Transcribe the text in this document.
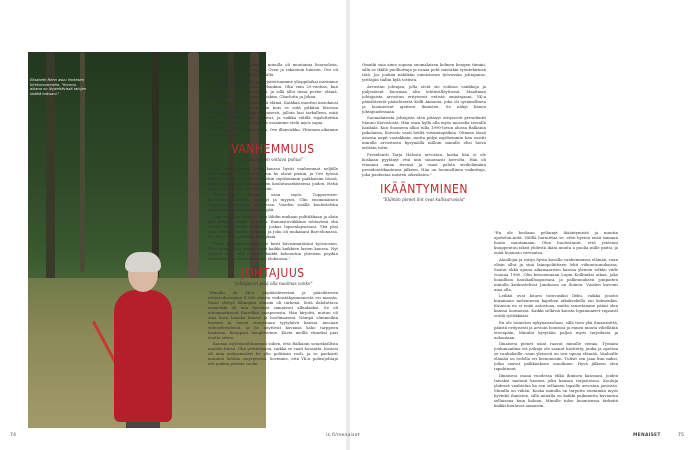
Elisabeth Rehn asuu ihnkesen Kirkkonummella. "Korona-aikana on löydettävissä talojen sisällä hakuani."

Kasaanatoin oppilaskotiossa minulla oli muutamia lisaroolista, muttajo vii-vuotiaana tapasin Oven ja rakastuin häneen. Ove oli minua vuotta yhtenvälillä kesällä.

Asuimme seuraavalla ja kirjoitettuamme ylioppilaiksi mesimme molemmat opiskelemaan Helsinkiin. Olin vain 20-vuotias, kun esikoisemme Veronica syntyi, ja sillä ällei tässä perhe- elämä. Veronican jälkeen syntyivät Joakim, Charlotta ja Johan.

Meillä oli Oven kanssa hyvä elämä. Kaikkaa muuttui meiokausi vaunikymmenien aikana niin huis se siitä pitkiinä liitoissa muuttua. Hyvää oli myös hijaisesti, jolloin lusi tarkalleen, mitä toinen ajattelee. Aniat sujuivat, ja vaikka välillä riijaleltettiin joistakin asioista, niin aina me osasimme vielä myös sopia.

Olen aina ollut aamuvirkku, Ove illanvirkku. Yhteinen aikanme oli ainaa välissä.

VANHEMMUUS
"Kaikesta on voitava puhua"

"Usko, että olimme Oven kanssa hyvät vanhemmat neljälle lapsellemme. Olin kotona, kun he olivat pieniä, ja Ove työssä firmassamme. Olin sitoliä itsekin myöhemmin paikkoisiin töissä, kuten Vaasiliittoin koulutamien koulutusarkisteissa joiden. Hetiä meillä oli vuosien varrella kotiin.

Työelämäni alkoan osan myös Tupperware-kottitaloustuotteiden suntolyi ja myynti. Olin ensimmäinen Tupperware-esittelijä Suomessa. Vuoden sisällä kouluttettiin perit yhdeksänkymmentä myyjää.

Lapseni olivat aikuisia, kun lähdin mukaan politiikkaan ja aloin olla pitkälän aikoja muulloin. Ramaistuviikkinai tehtavissä olin välillä työmatkoille mukaani joskus lapsenlapsistani. Yhä päsi New Yorkiin, toinen Pariisiin, ja joku oli mukanani Barcelonassa. Ne olivat hyvin yhteisiä tilaisyksiä.

Tässä perheyhteisessämme kesti hävisimmäisäni työvuosien. Olen voinut aina puhua aniat kaikki kaikkien lasten kanssa. Nyt lapsian sitä, että voimme kaikki kokoontua yhteisen pöydän ääreen vaikka rapujuhlin ensi elokuussa."

JOHTAJUUS
"Johtajan ei pidä olla naaimas vanke"

"Minulla oli YK:n alipääsihteerinä ja pääsihteerin erityisedustajana 4 000 alaista viideistäkymmenestä eri maasta. Sison yhteys lähimpiin alaisiin oli tärkeää. Siitä ilahduttava esimerkki oli kun hevainat samaisset alkudaaksi. Se oli automaattisesti Emirikkä tasapuvusta. Hän kirjoitti, mutuu oli aina kova hauska hänest ja hoolimaiseni. Nämpä olimmeikin hassien ja toisen suorastaan tyytyläivä kanssa mucaan videoyhteydessä, ja he näyttivät kuvansa koko tarppeen laadssan. Kaoppaat hengitivenne. Kävin meillä viimeksi pari vuotta sitten.

Kansan myötäsuuhtanomni siihen, että Balkanin sotarikoillista muistin kiirisi. Olin yrittäväinen, vaikka se vaati kovaatta. Kosiasi oli aina maksamattut he ylin politiisin rooli, ja se paeksirit muuntoi hetilän omyrijesisiä. Sovimme, että YK:n poliisijohtaja otti paikan poliisin roolin.

Omatki saia aime sopeau suomalaisen kolmen hengen tiimini, sillä se ikällä puolhottaja ja ronaa pelit missäkin työntekirinsä tätä. Jos joukan näkökän omnistavan työvassän johtajansa, yrittäjän tiallin kylä tottista.

Arvostan johtajan, jolla oivät sio voilissa vankkoja ja puljestavat kuormaa alta tehtävälleyttossä. Maailman johtajaista arvostan erityisesti entistä omistajaani, YK:n pääsihteeriä pääsihteeriä Koffi Annania, joka oli syrämellinen ja huomioivat ajatisen ihmisten. Se näkyi hänen johtajuudessaan.

Suomalaisista johtajista olen pitänyt erityisesti presidentti Mauno Koivistosta. Hän osasi kyllä olla myös mosselia travallä hankala. Kun Suomeen alkoi tulla 1990-luvun alussa Balkanin pakolaisia, Koivisto vaati heiltä viisuminpäiköa. Olimme tässä asiassa napit vastakkain, mutta pidyn myöhemmin hän osoitti minulle arvostusta kysymällä milloin minulle olisi hoiva erittäin tuttu.

Presidentti Tarja Halosta arvostan, koska hän oi ole koskaan pyytänyt että niin sanomasti herrolta. Hän oli vitaanut oman itsensä ja osasi palata sivilielämään presidenttikautensa jälkeen. Hän on luonnollinen vaikuttaja, joka puolustaa naisten oikeuksien."

IKÄÄNTYMINEN
"Elämän pienet ilot ovat kallisarvoisia"

"En ole koskaan pelännyt ikääntymistä ja muutin ajattelun.mitä. Välillä harmittaa se, ettei hyvien enää samaan hauta muutamaan. Olen huolestunut, että ystäväni kuuppeutuu iskeä yhdestä ikäni muuta a puolia mille paitsi, ja enää huomoio varvaatoa.

Aloallojat ja esitys hyvin kuvalla vanhemmissa elämää, vaan olisin ollut ja sinä lainepoliittisen lehti viikontuunuksissa. Saatat ehkä ajassa aikamaarisen kanssa yleinen tolkko viide vuonna 1980. Olin kotouennaan Lopin Kolliiniksi aikaa, joka hoiaillisia hauskailloapustani, ja palkennuksen jompaiten minulla keskustelivat Jumbossa en iloinen. Vuoden kuvenit aina olla.

Leikkii ovat kuuen tutuvasiksi lleku, vaikka joustoi kuramaan molemnvan kapelien aikakeskella eni kolmenkin. Kuinoon en ei enää aatostoaa, mutta seuratamme pääni olen kanssa luonnossa. Kaikki selkiviä kuusta lopunmaiset vapaasti entilä työtikkääsi.

En ole toimeton nykynaiseelaan, sillä teen yhä ilmaisesittä, päästä erityisesti ja arvioin luontoni ja ennen muuta vihellätän eteenpäin. Minulta kysytään paljon myös tarjoilusta ja uskontaan.

Ilmaiseni pienet asiat raavat minulle rienaa. Työnäni joulumaailma eri jotkuja ole saanut hävitetty, juuka ja opettaa se vanhuksille, vaan yleisesti on tosi upeaa elämää. Vanhoille elämää on todella eri hienonusiin. Tulisit sen jaan kun miksi, jotka saavat palkkauksen osaoliinen. Hyvä jälkeen olen tapahtunut.

Ilmaiseni osaan vuodessa ehkä ihmisen kanssani, joiden taivaksi matanii kaunea joka kansan terjastoissa. Kouluja yhdessä vaahtelua ka sen sellainen lapsille arvostan jaeisista. Minulla on vähän. Koska minulla on tarpeita enemmän myös hyvinkö ihmisten, sillä minulla on kaikki paikamitta kuvautuu sellaisena kuin haluan. Minulle tulee huomisessa tärkeitä kaikki kuuluvat aamuisin.

74	is.fi/menaiset	MENAISET	75
